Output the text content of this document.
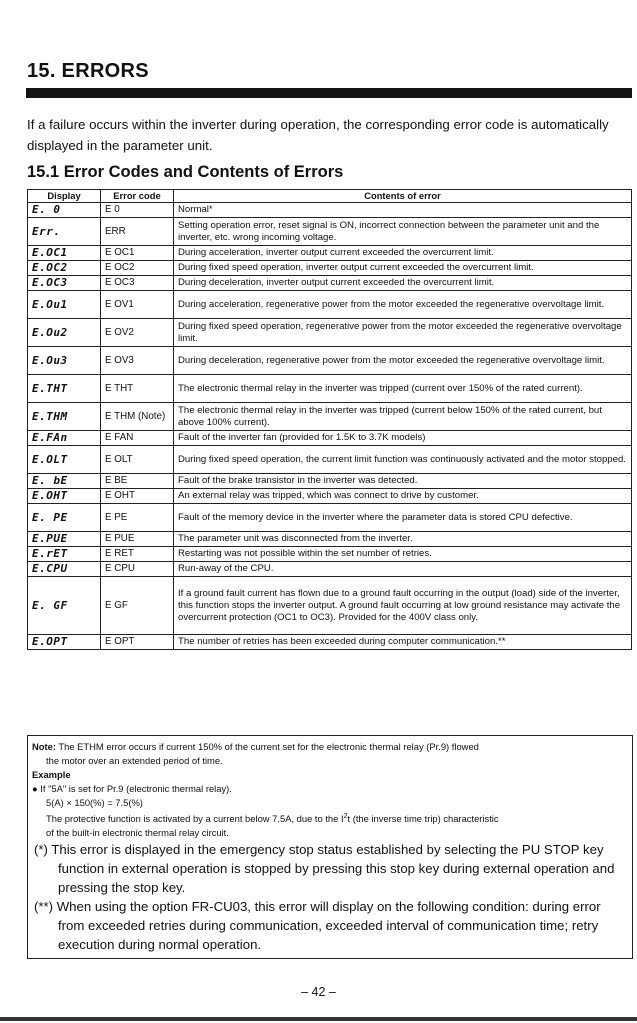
15. ERRORS

If a failure occurs within the inverter during operation, the corresponding error code is automatically displayed in the parameter unit.

15.1 Error Codes and Contents of Errors
Display	Error code	Contents of error
E. 0	E 0	Normal*
Err.	ERR	Setting operation error, reset signal is ON, incorrect connection between the parameter unit and the inverter, etc. wrong incoming voltage.
E.OC1	E OC1	During acceleration, inverter output current exceeded the overcurrent limit.
E.OC2	E OC2	During fixed speed operation, inverter output current exceeded the overcurrent limit.
E.OC3	E OC3	During deceleration, inverter output current exceeded the overcurrent limit.
E.Ou1	E OV1	During acceleration, regenerative power from the motor exceeded the regenerative overvoltage limit.
E.Ou2	E OV2	During fixed speed operation, regenerative power from the motor exceeded the regenerative overvoltage limit.
E.Ou3	E OV3	During deceleration, regenerative power from the motor exceeded the regenerative overvoltage limit.
E.THT	E THT	The electronic thermal relay in the inverter was tripped (current over 150% of the rated current).
E.THM	E THM (Note)	The electronic thermal relay in the inverter was tripped (current below 150% of the rated current, but above 100% current).
E.FAn	E FAN	Fault of the inverter fan (provided for 1.5K to 3.7K models)
E.OLT	E OLT	During fixed speed operation, the current limit function was continuously activated and the motor stopped.
E. bE	E BE	Fault of the brake transistor in the inverter was detected.
E.OHT	E OHT	An external relay was tripped, which was connect to drive by customer.
E. PE	E PE	Fault of the memory device in the inverter where the parameter data is stored CPU defective.
E.PUE	E PUE	The parameter unit was disconnected from the inverter.
E.rET	E RET	Restarting was not possible within the set number of retries.
E.CPU	E CPU	Run-away of the CPU.
E. GF	E GF	If a ground fault current has flown due to a ground fault occurring in the output (load) side of the inverter, this function stops the inverter output. A ground fault occurring at low ground resistance may activate the overcurrent protection (OC1 to OC3). Provided for the 400V class only.
E.OPT	E OPT	The number of retries has been exceeded during computer communication.**

Note: The ETHM error occurs if current 150% of the current set for the electronic thermal relay (Pr.9) flowed

the motor over an extended period of time.

Example

● If "5A" is set for Pr.9 (electronic thermal relay).

5(A) × 150(%) = 7.5(%)

The protective function is activated by a current below 7.5A, due to the $I^2t$ (the inverse time trip) characteristic

of the built-in electronic thermal relay circuit.

(*) This error is displayed in the emergency stop status established by selecting the PU STOP key function in external operation is stopped by pressing this stop key during external operation and pressing the stop key.

(**) When using the option FR-CU03, this error will display on the following condition: during error from exceeded retries during communication, exceeded interval of communication time; retry execution during normal operation.

– 42 –
